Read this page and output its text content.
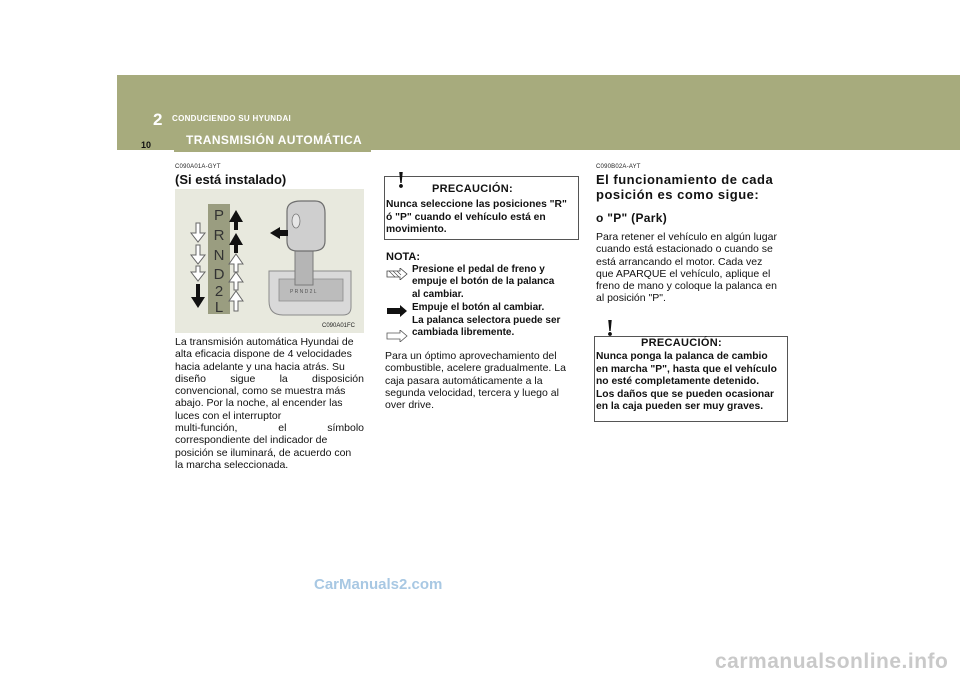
2 CONDUCIENDO SU HYUNDAI
TRANSMISIÓN AUTOMÁTICA
10
C090A01A-GYT
(Si está instalado)
P
R
N
D
2
L
P R N D 2 L
C090A01FC
La transmisión automática Hyundai de
alta eficacia dispone de 4 velocidades
hacia adelante y una hacia atrás. Su
diseño sigue la disposición
convencional, como se muestra más
abajo. Por la noche, al encender las
luces con el interruptor
multi-función, el símbolo
correspondiente del indicador de
posición se iluminará, de acuerdo con
la marcha seleccionada.
! PRECAUCIÓN:
Nunca seleccione las posiciones "R"
ó "P" cuando el vehículo está en
movimiento.
NOTA:
Presione el pedal de freno y
empuje el botón de la palanca
al cambiar.
Empuje el botón al cambiar.
La palanca selectora puede ser
cambiada libremente.
Para un óptimo aprovechamiento del
combustible, acelere gradualmente. La
caja pasara automáticamente a la
segunda velocidad, tercera y luego al
over drive.
C090B02A-AYT
El funcionamiento de cada
posición es como sigue:
o "P" (Park)
Para retener el vehículo en algún lugar
cuando está estacionado o cuando se
está arrancando el motor. Cada vez
que APARQUE el vehículo, aplique el
freno de mano y coloque la palanca en
al posición "P".
!
PRECAUCIÓN:
Nunca ponga la palanca de cambio
en marcha "P", hasta que el vehículo
no esté completamente detenido.
Los daños que se pueden ocasionar
en la caja pueden ser muy graves.
CarManuals2.com
carmanualsonline.info
